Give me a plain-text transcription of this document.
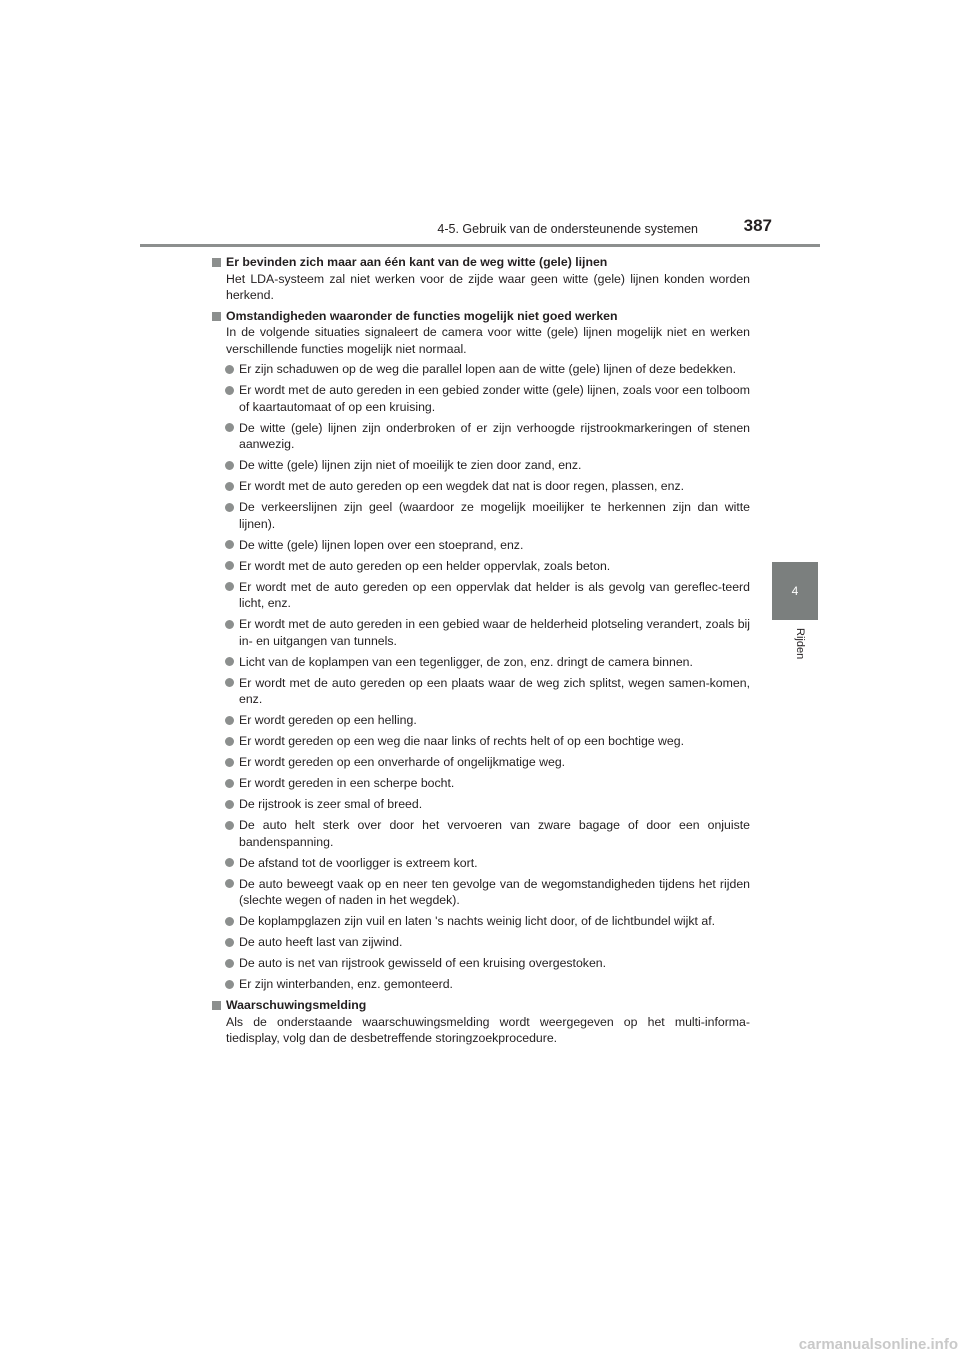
4-5. Gebruik van de ondersteunende systemen	387
4
Rijden
Er bevinden zich maar aan één kant van de weg witte (gele) lijnen
Het LDA-systeem zal niet werken voor de zijde waar geen witte (gele) lijnen konden worden herkend.
Omstandigheden waaronder de functies mogelijk niet goed werken
In de volgende situaties signaleert de camera voor witte (gele) lijnen mogelijk niet en werken verschillende functies mogelijk niet normaal.
Er zijn schaduwen op de weg die parallel lopen aan de witte (gele) lijnen of deze bedekken.
Er wordt met de auto gereden in een gebied zonder witte (gele) lijnen, zoals voor een tolboom of kaartautomaat of op een kruising.
De witte (gele) lijnen zijn onderbroken of er zijn verhoogde rijstrookmarkeringen of stenen aanwezig.
De witte (gele) lijnen zijn niet of moeilijk te zien door zand, enz.
Er wordt met de auto gereden op een wegdek dat nat is door regen, plassen, enz.
De verkeerslijnen zijn geel (waardoor ze mogelijk moeilijker te herkennen zijn dan witte lijnen).
De witte (gele) lijnen lopen over een stoeprand, enz.
Er wordt met de auto gereden op een helder oppervlak, zoals beton.
Er wordt met de auto gereden op een oppervlak dat helder is als gevolg van gereflec-teerd licht, enz.
Er wordt met de auto gereden in een gebied waar de helderheid plotseling verandert, zoals bij in- en uitgangen van tunnels.
Licht van de koplampen van een tegenligger, de zon, enz. dringt de camera binnen.
Er wordt met de auto gereden op een plaats waar de weg zich splitst, wegen samen-komen, enz.
Er wordt gereden op een helling.
Er wordt gereden op een weg die naar links of rechts helt of op een bochtige weg.
Er wordt gereden op een onverharde of ongelijkmatige weg.
Er wordt gereden in een scherpe bocht.
De rijstrook is zeer smal of breed.
De auto helt sterk over door het vervoeren van zware bagage of door een onjuiste bandenspanning.
De afstand tot de voorligger is extreem kort.
De auto beweegt vaak op en neer ten gevolge van de wegomstandigheden tijdens het rijden (slechte wegen of naden in het wegdek).
De koplampglazen zijn vuil en laten 's nachts weinig licht door, of de lichtbundel wijkt af.
De auto heeft last van zijwind.
De auto is net van rijstrook gewisseld of een kruising overgestoken.
Er zijn winterbanden, enz. gemonteerd.
Waarschuwingsmelding
Als de onderstaande waarschuwingsmelding wordt weergegeven op het multi-informa-tiedisplay, volg dan de desbetreffende storingzoekprocedure.
carmanualsonline.info
